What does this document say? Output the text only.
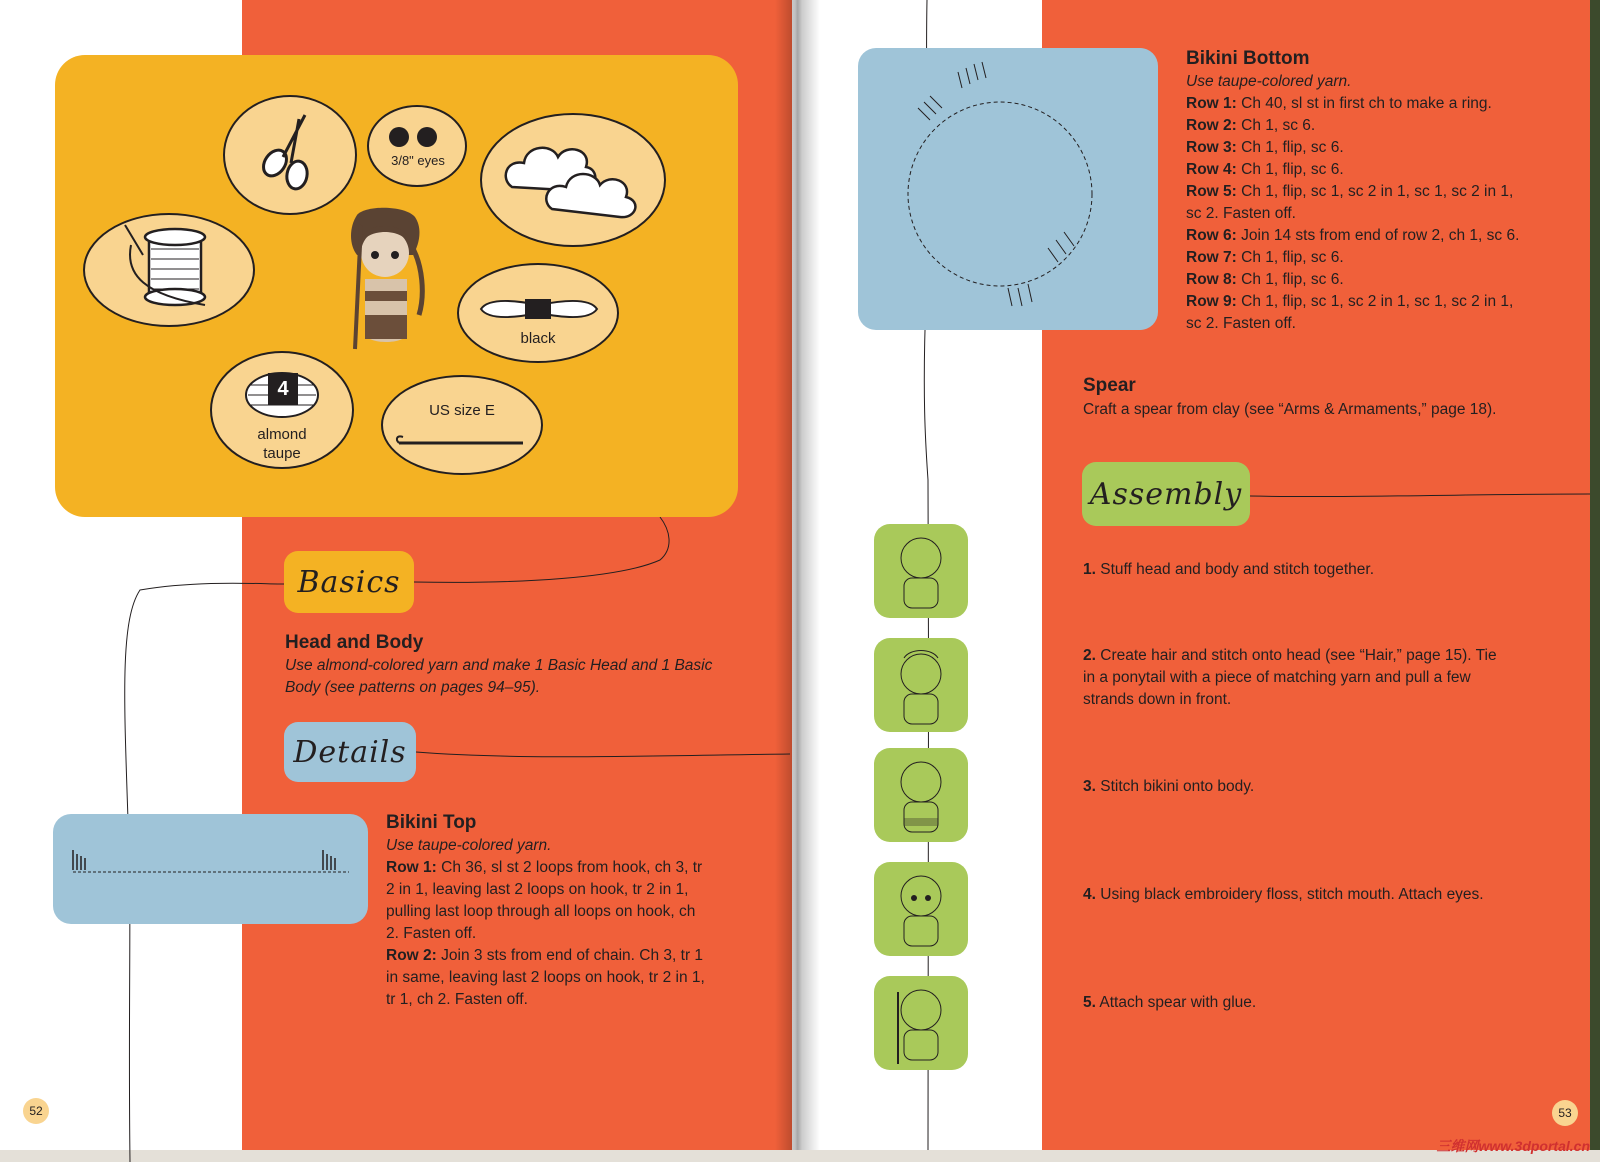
3/8" eyes
black
4
almond
taupe
US size E
Basics
Head and Body
Use almond-colored yarn and make 1 Basic Head and 1 Basic
Body (see patterns on pages 94–95).
Details
Bikini Top
Use taupe-colored yarn.
Row 1: Ch 36, sl st 2 loops from hook, ch 3, tr
2 in 1, leaving last 2 loops on hook, tr 2 in 1,
pulling last loop through all loops on hook, ch
2. Fasten off.
Row 2: Join 3 sts from end of chain. Ch 3, tr 1
in same, leaving last 2 loops on hook, tr 2 in 1,
tr 1, ch 2. Fasten off.
52
Bikini Bottom
Use taupe-colored yarn.
Row 1: Ch 40, sl st in first ch to make a ring.
Row 2: Ch 1, sc 6.
Row 3: Ch 1, flip, sc 6.
Row 4: Ch 1, flip, sc 6.
Row 5: Ch 1, flip, sc 1, sc 2 in 1, sc 1, sc 2 in 1,
sc 2. Fasten off.
Row 6: Join 14 sts from end of row 2, ch 1, sc 6.
Row 7: Ch 1, flip, sc 6.
Row 8: Ch 1, flip, sc 6.
Row 9: Ch 1, flip, sc 1, sc 2 in 1, sc 1, sc 2 in 1,
sc 2. Fasten off.
Spear
Craft a spear from clay (see “Arms & Armaments,” page 18).
Assembly
1. Stuff head and body and stitch together.
2. Create hair and stitch onto head (see “Hair,” page 15). Tie
in a ponytail with a piece of matching yarn and pull a few
strands down in front.
3. Stitch bikini onto body.
4. Using black embroidery floss, stitch mouth. Attach eyes.
5. Attach spear with glue.
53
三维网www.3dportal.cn
